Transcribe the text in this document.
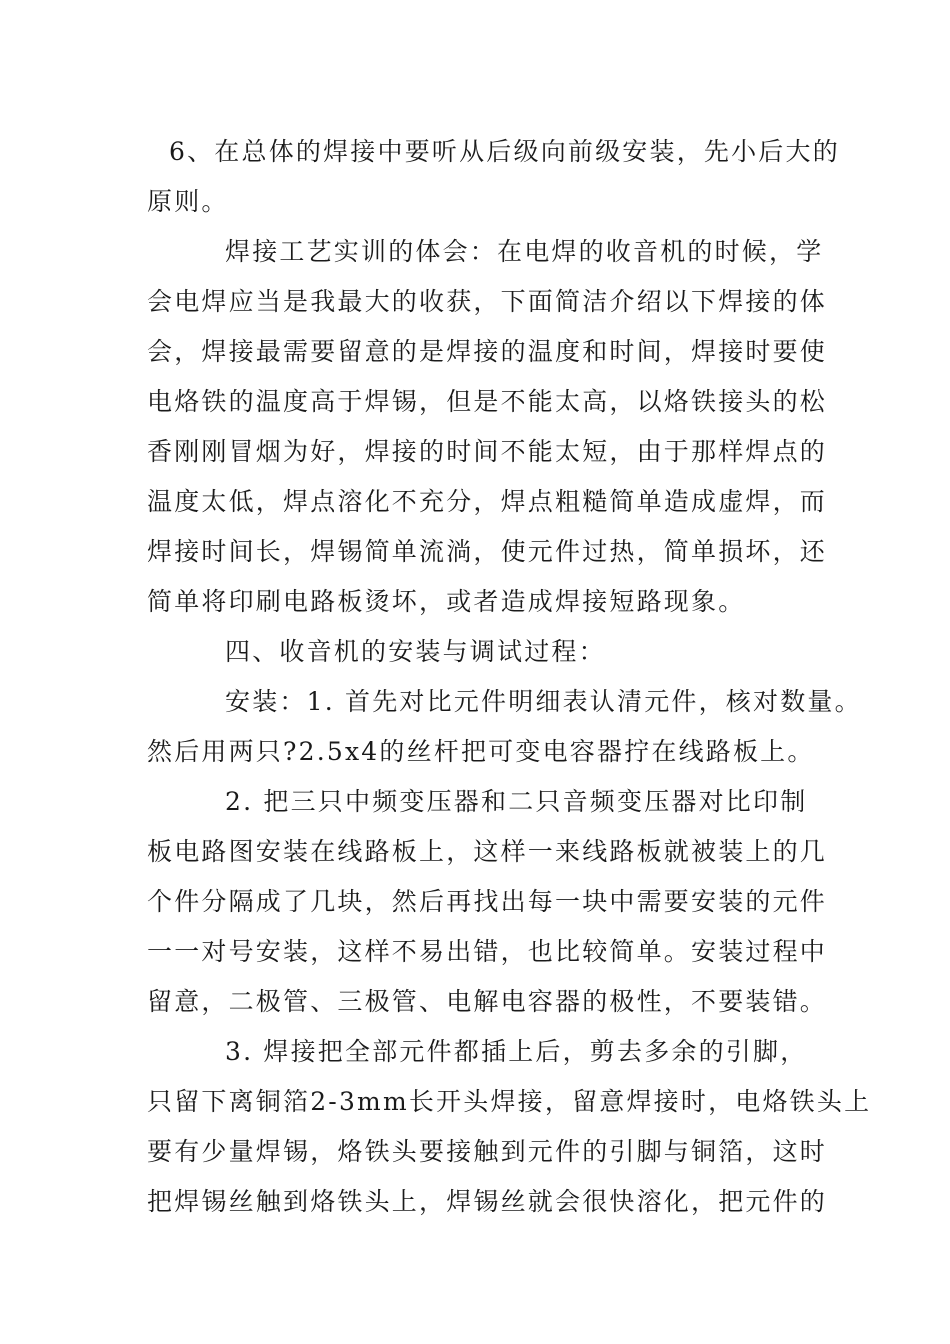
6、在总体的焊接中要听从后级向前级安装，先小后大的
原则。
焊接工艺实训的体会：在电焊的收音机的时候，学
会电焊应当是我最大的收获，下面简洁介绍以下焊接的体
会，焊接最需要留意的是焊接的温度和时间，焊接时要使
电烙铁的温度高于焊锡，但是不能太高，以烙铁接头的松
香刚刚冒烟为好，焊接的时间不能太短，由于那样焊点的
温度太低，焊点溶化不充分，焊点粗糙简单造成虚焊，而
焊接时间长，焊锡简单流淌，使元件过热，简单损坏，还
简单将印刷电路板烫坏，或者造成焊接短路现象。
四、收音机的安装与调试过程：
安装：1. 首先对比元件明细表认清元件，核对数量。
然后用两只?2.5x4的丝杆把可变电容器拧在线路板上。
2. 把三只中频变压器和二只音频变压器对比印制
板电路图安装在线路板上，这样一来线路板就被装上的几
个件分隔成了几块，然后再找出每一块中需要安装的元件
一一对号安装，这样不易出错，也比较简单。安装过程中
留意，二极管、三极管、电解电容器的极性，不要装错。
3. 焊接把全部元件都插上后，剪去多余的引脚，
只留下离铜箔2-3mm长开头焊接，留意焊接时，电烙铁头上
要有少量焊锡，烙铁头要接触到元件的引脚与铜箔，这时
把焊锡丝触到烙铁头上，焊锡丝就会很快溶化，把元件的
